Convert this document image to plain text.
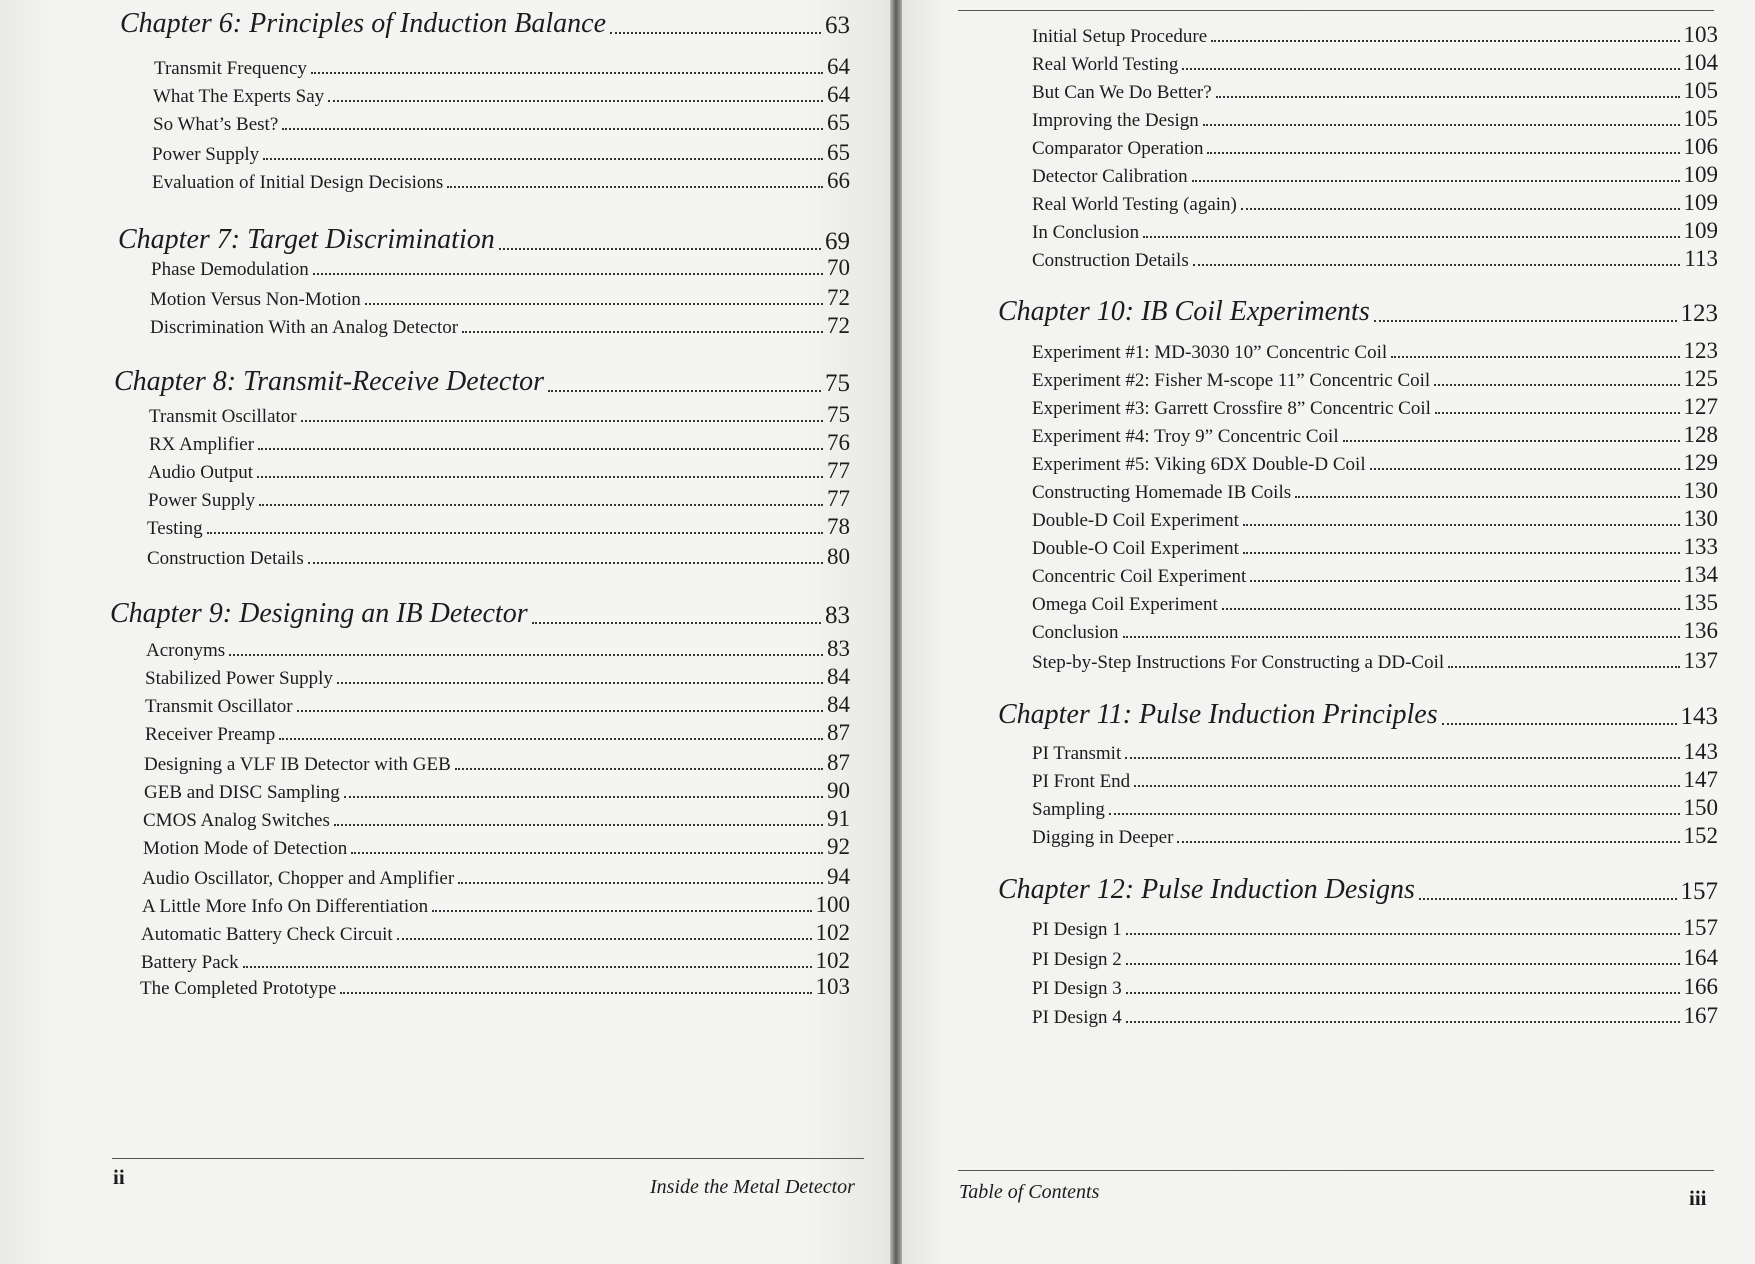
Chapter 6: Principles of Induction Balance	63
Transmit Frequency	64
What The Experts Say	64
So What’s Best?	65
Power Supply	65
Evaluation of Initial Design Decisions	66
Chapter 7: Target Discrimination	69
Phase Demodulation	70
Motion Versus Non-Motion	72
Discrimination With an Analog Detector	72
Chapter 8: Transmit-Receive Detector	75
Transmit Oscillator	75
RX Amplifier	76
Audio Output	77
Power Supply	77
Testing	78
Construction Details	80
Chapter 9: Designing an IB Detector	83
Acronyms	83
Stabilized Power Supply	84
Transmit Oscillator	84
Receiver Preamp	87
Designing a VLF IB Detector with GEB	87
GEB and DISC Sampling	90
CMOS Analog Switches	91
Motion Mode of Detection	92
Audio Oscillator, Chopper and Amplifier	94
A Little More Info On Differentiation	100
Automatic Battery Check Circuit	102
Battery Pack	102
The Completed Prototype	103
ii	Inside the Metal Detector
Initial Setup Procedure	103
Real World Testing	104
But Can We Do Better?	105
Improving the Design	105
Comparator Operation	106
Detector Calibration	109
Real World Testing (again)	109
In Conclusion	109
Construction Details	113
Chapter 10: IB Coil Experiments	123
Experiment #1: MD-3030 10” Concentric Coil	123
Experiment #2: Fisher M-scope 11” Concentric Coil	125
Experiment #3: Garrett Crossfire 8” Concentric Coil	127
Experiment #4: Troy 9” Concentric Coil	128
Experiment #5: Viking 6DX Double-D Coil	129
Constructing Homemade IB Coils	130
Double-D Coil Experiment	130
Double-O Coil Experiment	133
Concentric Coil Experiment	134
Omega Coil Experiment	135
Conclusion	136
Step-by-Step Instructions For Constructing a DD-Coil	137
Chapter 11: Pulse Induction Principles	143
PI Transmit	143
PI Front End	147
Sampling	150
Digging in Deeper	152
Chapter 12: Pulse Induction Designs	157
PI Design 1	157
PI Design 2	164
PI Design 3	166
PI Design 4	167
Table of Contents	iii
